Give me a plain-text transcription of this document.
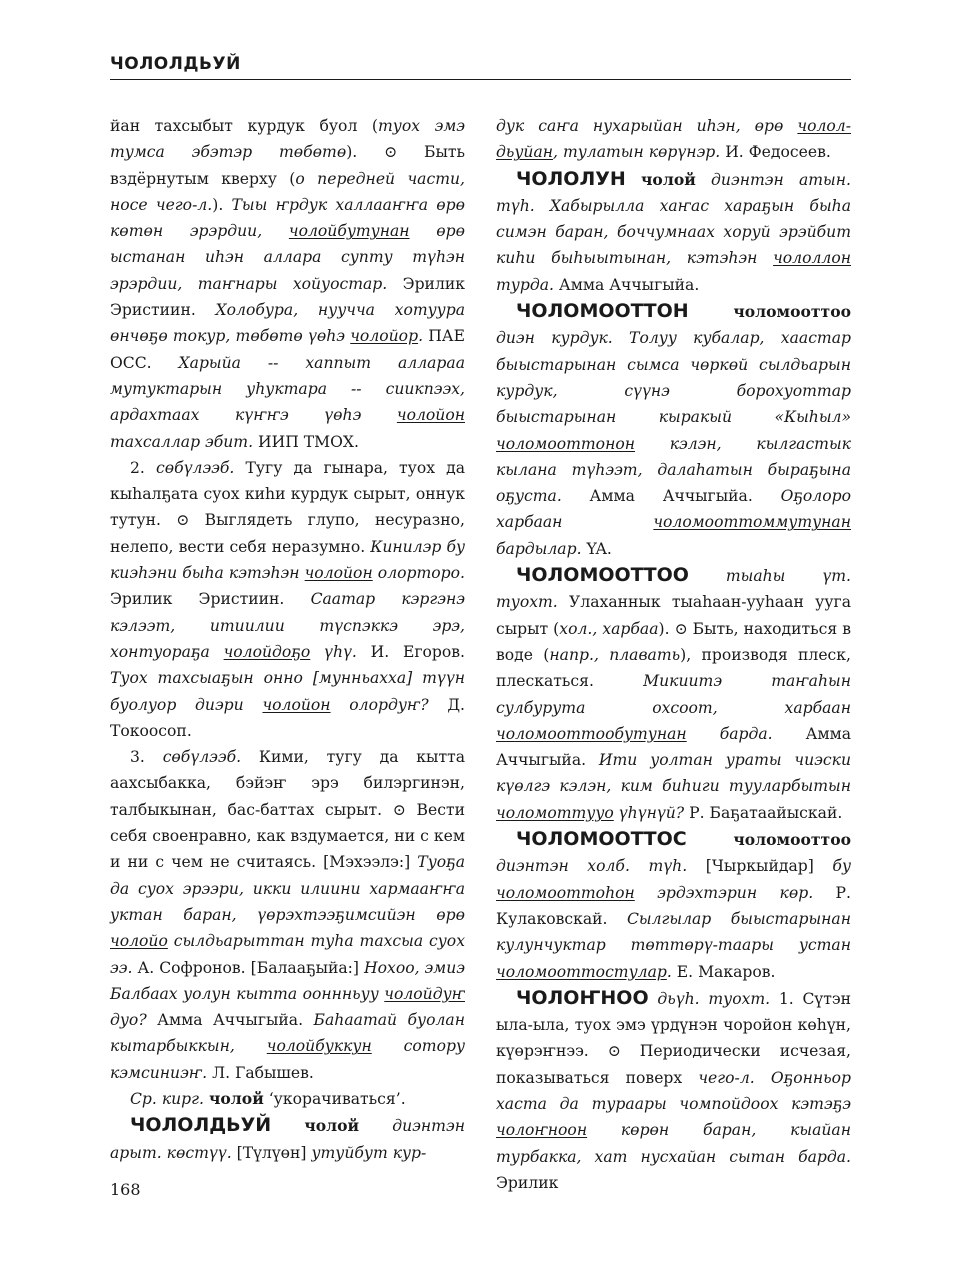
ЧОЛОЛДЬУЙ

йан тахсыбыт курдук буол (туох эмэ тумса эбэтэр төбөтө). ⊙ Быть вздёрнутым кверху (о передней части, носе чего-л.). Тыы ҥрдук халлааҥҥа өрө көтөн эрэрдии, чолойбутунан өрө ыстанан иһэн аллара супту түһэн эрэрдии, таҥнары хойуостар. Эрилик Эристиин. Холобура, нуучча хотуура өнчөҕө токур, төбөтө үөһэ чолойор. ПАЕ ОСС. Харыйа -- хаппыт алларaa мутуктарын уһуктара -- сиикпээх, ардахтаах күҥҥэ үөһэ чолойон тахсаллар эбит. ИИП ТМОХ.

2. сөбүлээб. Тугу да гынара, туох да кыһалҕата суох киһи курдук сырыт, оннук тутун. ⊙ Выглядеть глупо, несуразно, нелепо, вести себя неразумно. Кинилэр бу киэһэни быһа кэтэһэн чолойон олорторо. Эрилик Эристиин. Саатар кэргэнэ кэлээт, итиилии түспэккэ эрэ, хонтуораҕа чолойдоҕо үһү. И. Егоров. Туох тахсыаҕын онно [мунньахха] түүн буолуор диэри чолойон олордуҥ? Д. Токоосоп.

3. сөбүлээб. Кими, тугу да кытта аахсыбакка, бэйэҥ эрэ билэргинэн, талбыкынан, бас-баттах сырыт. ⊙ Вести себя своенравно, как вздумается, ни с кем и ни с чем не считаясь. [Мэхээлэ:] Туоҕа да суох эрээри, икки илиини хармааҥҥа уктан баран, үөрэхтээҕимсийэн өрө чолойо сылдьарыттан туһа тахсыа суох ээ. А. Софронов. [Балааҕыйа:] Нохоо, эмиэ Балбаах уолун кытта ооннньуу чолойдуҥ дуо? Амма Аччыгыйа. Баһаатай буолан кытарбыккын, чолойбуккун сотору кэмсиниэҥ. Л. Габышев.

Ср. кирг. чолой ‘укорачиваться’.

ЧОЛОЛДЬУЙ чолой диэнтэн арыт. көстүү. [Түлүөн] утуйбут кур-

дук саҥа нухарыйан иһэн, өрө чолол-дьуйан, тулатын көрүнэр. И. Федосеев.

ЧОЛОЛУН чолой диэнтэн атын. түһ. Хабырылла хаҥас хараҕын быһа симэн баран, боччумнаах хоруй эрэйбит киһи быһыытынан, кэтэһэн чололлон турда. Амма Аччыгыйа.

ЧОЛОМООТТОН	чоломооттоо диэн курдук. Толуу кубалар, хаастар быыстарынан сымса чөркөй сылдьарын курдук, сүүнэ борохуоттар быыстарынан кыракый «Кыһыл» чоломооттонон кэлэн, кылгастык кылана түһээт, далаһатын бырaҕына оҕуста. Амма Аччыгыйа. Оҕолоро харбаан чоломооттоммутунан бардылар. YA.

ЧОЛОМООТТОО тыаһы үт. туохт. Улаханнык тыаһаан-ууһаан ууга сырыт (хол., харбаа). ⊙ Быть, находиться в воде (напр., плавать), производя плеск, плескаться. Микиитэ таҥаһын сулбурута охсоот, харбаан чоломооттообутунан барда. Амма Аччыгыйа. Ити уолтан ураты чиэски күөлгэ кэлэн, ким биһиги тууларбытын чоломоттууо үһүнүй? Р. Баҕатаайыскай.

ЧОЛОМООТТОС	чоломооттоо диэнтэн холб. түһ. [Чыркыйдар] бу чоломооттоһон эрдэхтэрин көр. Р. Кулаковскай. Сылгылар быыстарынан кулунчуктар төттөрү-таары устан чоломооттостулар. Е. Макаров.

ЧОЛОҤНОО дьүһ. туохт. 1. Сүтэн ыла-ыла, туох эмэ үрдүнэн чоройон көһүн, күөрэҥнээ. ⊙ Периодически исчезая, показываться поверх чего-л. Оҕонньор хаста да тураары чомпойдоох кэтэҕэ чолоҥноон көрөн баран, кыайан турбакка, хат нусхайан сытан барда. Эрилик

168
